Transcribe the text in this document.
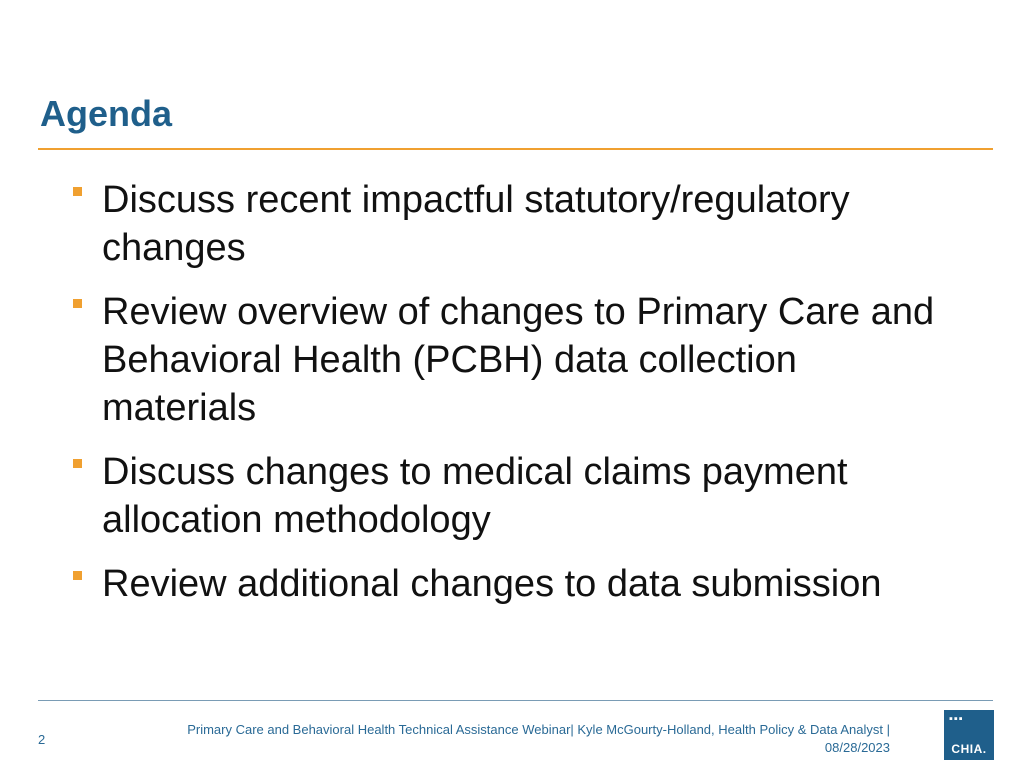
Agenda
Discuss recent impactful statutory/regulatory changes
Review overview of changes to Primary Care and Behavioral Health (PCBH) data collection materials
Discuss changes to medical claims payment allocation methodology
Review additional changes to data submission
2
Primary Care and Behavioral Health Technical Assistance Webinar| Kyle McGourty-Holland, Health Policy & Data Analyst |
08/28/2023
▪▪▪
CHIA.
